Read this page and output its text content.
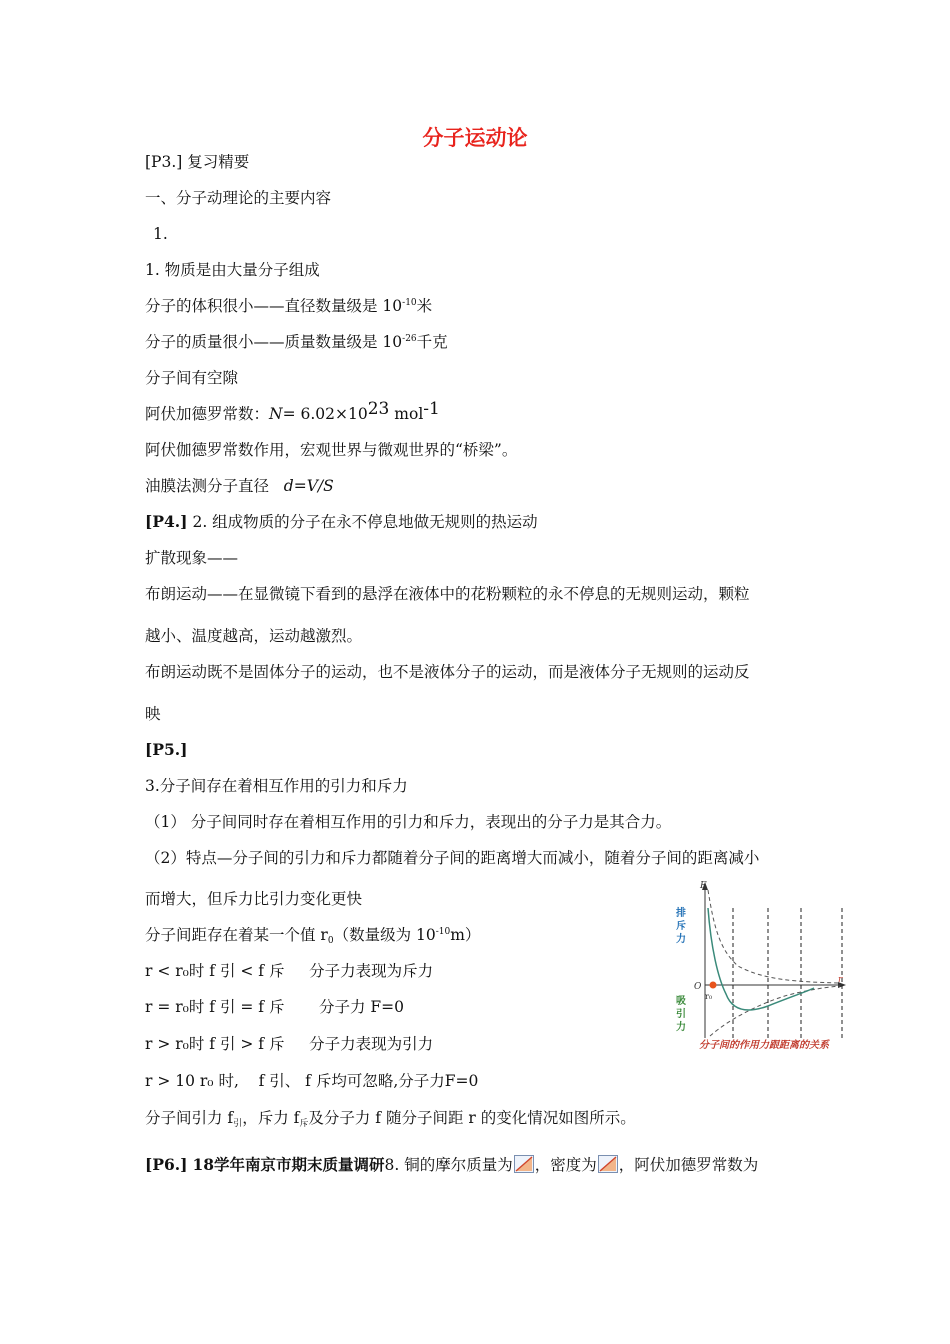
分子运动论
[P3.] 复习精要
一、分子动理论的主要内容
1.
1. 物质是由大量分子组成
分子的体积很小——直径数量级是 $10^{-10}$米
分子的质量很小——质量数量级是 $10^{-26}$千克
分子间有空隙
阿伏加德罗常数：N= 6.02×1023 mol-1
阿伏伽德罗常数作用，宏观世界与微观世界的“桥梁”。
油膜法测分子直径 d=V/S
[P4.] 2. 组成物质的分子在永不停息地做无规则的热运动
扩散现象——
布朗运动——在显微镜下看到的悬浮在液体中的花粉颗粒的永不停息的无规则运动，颗粒
越小、温度越高，运动越激烈。
布朗运动既不是固体分子的运动，也不是液体分子的运动，而是液体分子无规则的运动反
映
[P5.]
3.分子间存在着相互作用的引力和斥力
（1） 分子间同时存在着相互作用的引力和斥力，表现出的分子力是其合力。
（2）特点—分子间的引力和斥力都随着分子间的距离增大而减小，随着分子间的距离减小
而增大，但斥力比引力变化更快
分子间距存在着某一个值 $r_0$（数量级为 $10^{-10}m$）
r < r₀时 f 引 < f 斥     分子力表现为斥力
r = r₀时 f 引 = f 斥       分子力 F=0
r > r₀时 f 引 > f 斥     分子力表现为引力
r > 10 r₀ 时,    f 引、 f 斥均可忽略,分子力F=0
分子间引力 $f_引$，斥力 $f_斥$及分子力 f 随分子间距 r 的变化情况如图所示。
[P6.] 18学年南京市期末质量调研8. 铜的摩尔质量为 ，密度为 ，阿伏加德罗常数为
F
r
O
r₀
排斥力
吸引力
分子间的作用力跟距离的关系
